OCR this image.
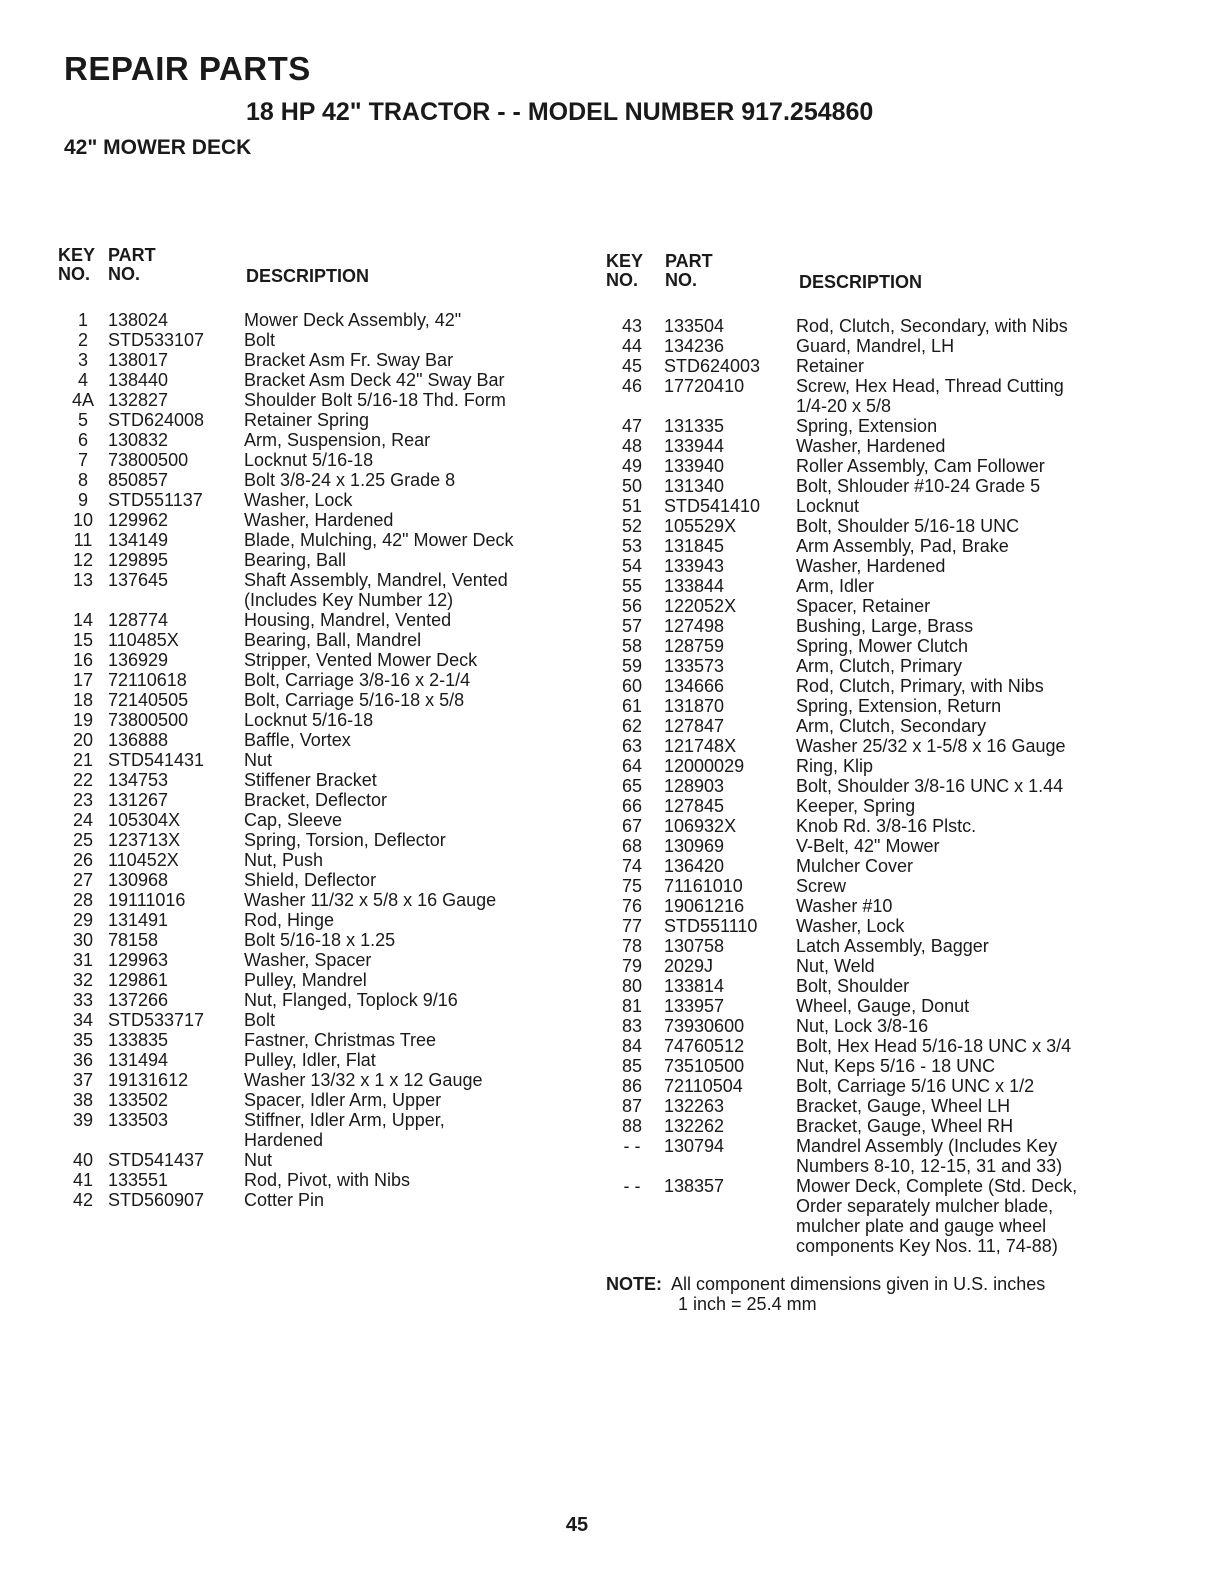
REPAIR PARTS
18 HP 42" TRACTOR - - MODEL NUMBER 917.254860
42" MOWER DECK
KEY
NO.
PART
NO.	DESCRIPTION
1	138024	Mower Deck Assembly, 42"
2	STD533107	Bolt
3	138017	Bracket Asm Fr. Sway Bar
4	138440	Bracket Asm Deck 42" Sway Bar
4A 132827	Shoulder Bolt 5/16-18 Thd. Form
5	STD624008	Retainer Spring
6	130832	Arm, Suspension, Rear
7	73800500	Locknut 5/16-18
8	850857	Bolt 3/8-24 x 1.25 Grade 8
9	STD551137	Washer, Lock
10 129962	Washer, Hardened
11 134149	Blade, Mulching, 42" Mower Deck
12 129895	Bearing, Ball
13 137645	Shaft Assembly, Mandrel, Vented
(Includes Key Number 12)
14 128774	Housing, Mandrel, Vented
15 110485X	Bearing, Ball, Mandrel
16 136929	Stripper, Vented Mower Deck
17 72110618	Bolt, Carriage 3/8-16 x 2-1/4
18 72140505	Bolt, Carriage 5/16-18 x 5/8
19 73800500	Locknut 5/16-18
20 136888	Baffle, Vortex
21 STD541431	Nut
22 134753	Stiffener Bracket
23 131267	Bracket, Deflector
24 105304X	Cap, Sleeve
25 123713X	Spring, Torsion, Deflector
26 110452X	Nut, Push
27 130968	Shield, Deflector
28 19111016	Washer 11/32 x 5/8 x 16 Gauge
29 131491	Rod, Hinge
30 78158	Bolt 5/16-18 x 1.25
31 129963	Washer, Spacer
32 129861	Pulley, Mandrel
33 137266	Nut, Flanged, Toplock 9/16
34 STD533717	Bolt
35 133835	Fastner, Christmas Tree
36 131494	Pulley, Idler, Flat
37 19131612	Washer 13/32 x 1 x 12 Gauge
38 133502	Spacer, Idler Arm, Upper
39 133503	Stiffner, Idler Arm, Upper,
Hardened
40 STD541437	Nut
41 133551	Rod, Pivot, with Nibs
42 STD560907	Cotter Pin
KEY
NO.
PART
NO.	DESCRIPTION
43	133504	Rod, Clutch, Secondary, with Nibs
44	134236	Guard, Mandrel, LH
45	STD624003	Retainer
46	17720410	Screw, Hex Head, Thread Cutting
1/4-20 x 5/8
47	131335	Spring, Extension
48	133944	Washer, Hardened
49	133940	Roller Assembly, Cam Follower
50	131340	Bolt, Shlouder #10-24 Grade 5
51	STD541410	Locknut
52	105529X	Bolt, Shoulder 5/16-18 UNC
53	131845	Arm Assembly, Pad, Brake
54	133943	Washer, Hardened
55	133844	Arm, Idler
56	122052X	Spacer, Retainer
57	127498	Bushing, Large, Brass
58	128759	Spring, Mower Clutch
59	133573	Arm, Clutch, Primary
60	134666	Rod, Clutch, Primary, with Nibs
61	131870	Spring, Extension, Return
62	127847	Arm, Clutch, Secondary
63	121748X	Washer 25/32 x 1-5/8 x 16 Gauge
64	12000029	Ring, Klip
65	128903	Bolt, Shoulder 3/8-16 UNC x 1.44
66	127845	Keeper, Spring
67	106932X	Knob Rd. 3/8-16 Plstc.
68	130969	V-Belt, 42" Mower
74	136420	Mulcher Cover
75	71161010	Screw
76	19061216	Washer #10
77	STD551110	Washer, Lock
78	130758	Latch Assembly, Bagger
79	2029J	Nut, Weld
80	133814	Bolt, Shoulder
81	133957	Wheel, Gauge, Donut
83	73930600	Nut, Lock 3/8-16
84	74760512	Bolt, Hex Head 5/16-18 UNC x 3/4
85	73510500	Nut, Keps 5/16 - 18 UNC
86	72110504	Bolt, Carriage 5/16 UNC x 1/2
87	132263	Bracket, Gauge, Wheel LH
88	132262	Bracket, Gauge, Wheel RH
- -	130794	Mandrel Assembly (Includes Key
Numbers 8-10, 12-15, 31 and 33)
- -	138357	Mower Deck, Complete (Std. Deck,
Order separately mulcher blade,
mulcher plate and gauge wheel
components Key Nos. 11, 74-88)
NOTE: All component dimensions given in U.S. inches
1 inch = 25.4 mm
45
